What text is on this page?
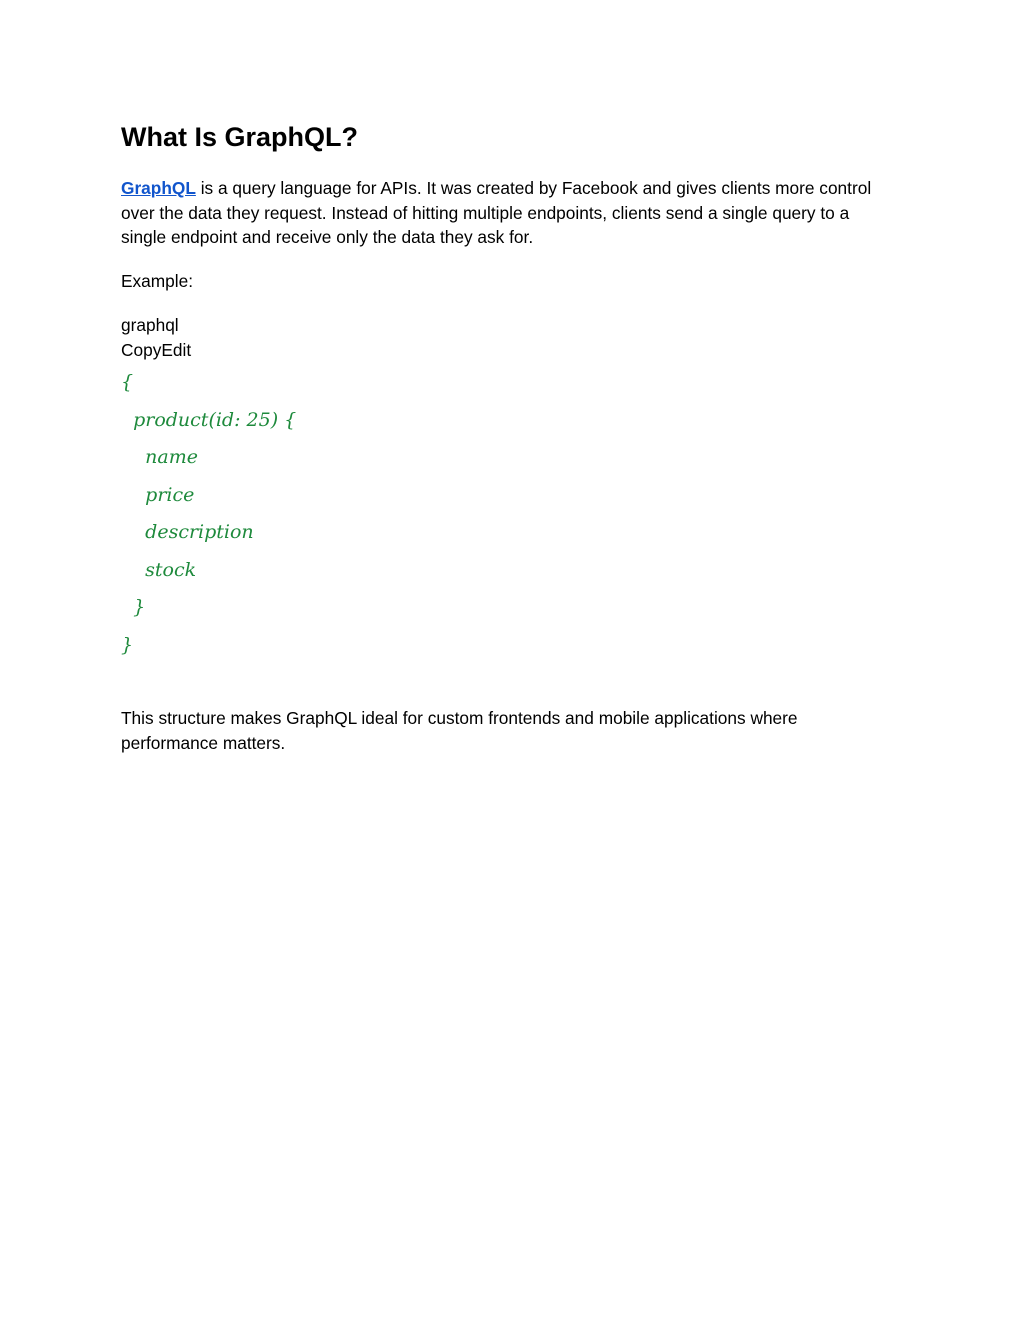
What Is GraphQL?

GraphQL is a query language for APIs. It was created by Facebook and gives clients more control over the data they request. Instead of hitting multiple endpoints, clients send a single query to a single endpoint and receive only the data they ask for.

Example:

graphql

CopyEdit

{
product(id: 25) {
name
price
description
stock
}
}

This structure makes GraphQL ideal for custom frontends and mobile applications where performance matters.
